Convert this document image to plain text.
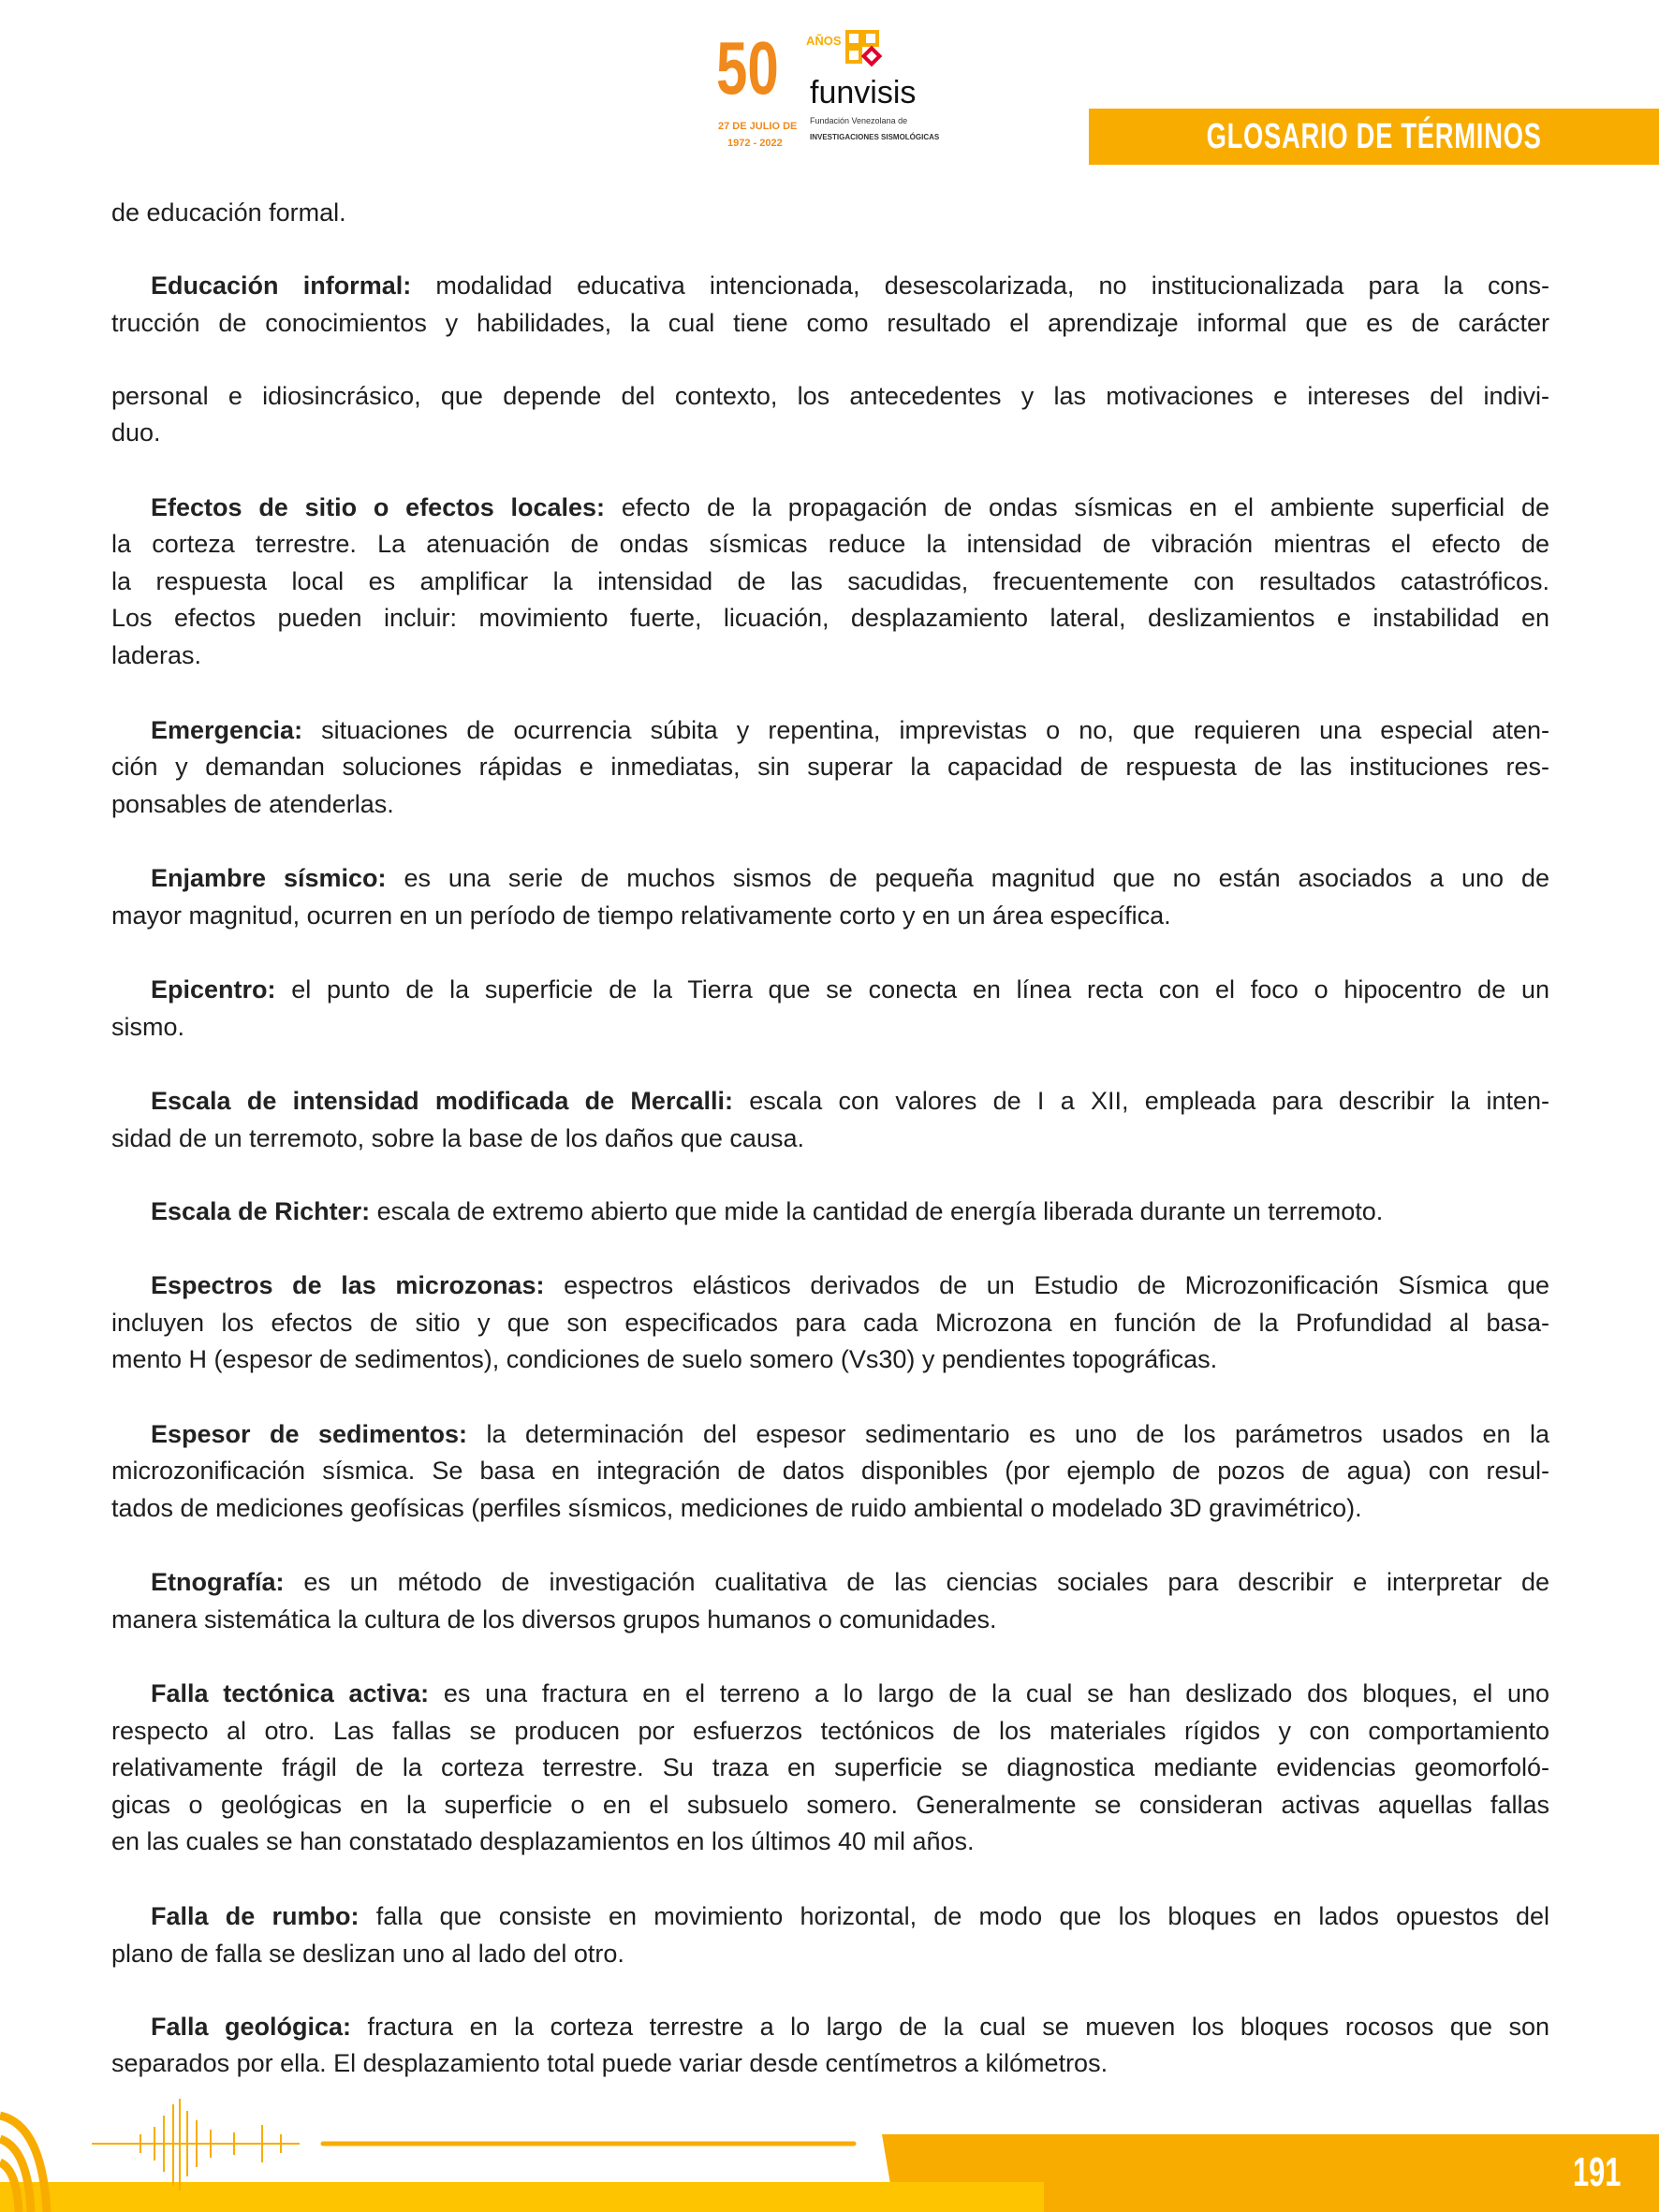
50
27 DE JULIO DE
1972 - 2022
AÑOS
funvisis
Fundación Venezolana de
INVESTIGACIONES SISMOLÓGICAS	GLOSARIO DE TÉRMINOS
de educación formal.
Educación informal: modalidad educativa intencionada, desescolarizada, no institucionalizada para la cons-
trucción de conocimientos y habilidades, la cual tiene como resultado el aprendizaje informal que es de carácter
personal e idiosincrásico, que depende del contexto, los antecedentes y las motivaciones e intereses del indivi-
duo.
Efectos de sitio o efectos locales: efecto de la propagación de ondas sísmicas en el ambiente superficial de
la corteza terrestre. La atenuación de ondas sísmicas reduce la intensidad de vibración mientras el efecto de
la respuesta local es amplificar la intensidad de las sacudidas, frecuentemente con resultados catastróficos.
Los efectos pueden incluir: movimiento fuerte, licuación, desplazamiento lateral, deslizamientos e instabilidad en
laderas.
Emergencia: situaciones de ocurrencia súbita y repentina, imprevistas o no, que requieren una especial aten-
ción y demandan soluciones rápidas e inmediatas, sin superar la capacidad de respuesta de las instituciones res-
ponsables de atenderlas.
Enjambre sísmico: es una serie de muchos sismos de pequeña magnitud que no están asociados a uno de
mayor magnitud, ocurren en un período de tiempo relativamente corto y en un área específica.
Epicentro: el punto de la superficie de la Tierra que se conecta en línea recta con el foco o hipocentro de un
sismo.
Escala de intensidad modificada de Mercalli: escala con valores de I a XII, empleada para describir la inten-
sidad de un terremoto, sobre la base de los daños que causa.
Escala de Richter: escala de extremo abierto que mide la cantidad de energía liberada durante un terremoto.
Espectros de las microzonas: espectros elásticos derivados de un Estudio de Microzonificación Sísmica que
incluyen los efectos de sitio y que son especificados para cada Microzona en función de la Profundidad al basa-
mento H (espesor de sedimentos), condiciones de suelo somero (Vs30) y pendientes topográficas.
Espesor de sedimentos: la determinación del espesor sedimentario es uno de los parámetros usados en la
microzonificación sísmica. Se basa en integración de datos disponibles (por ejemplo de pozos de agua) con resul-
tados de mediciones geofísicas (perfiles sísmicos, mediciones de ruido ambiental o modelado 3D gravimétrico).
Etnografía: es un método de investigación cualitativa de las ciencias sociales para describir e interpretar de
manera sistemática la cultura de los diversos grupos humanos o comunidades.
Falla tectónica activa: es una fractura en el terreno a lo largo de la cual se han deslizado dos bloques, el uno
respecto al otro. Las fallas se producen por esfuerzos tectónicos de los materiales rígidos y con comportamiento
relativamente frágil de la corteza terrestre. Su traza en superficie se diagnostica mediante evidencias geomorfoló-
gicas o geológicas en la superficie o en el subsuelo somero. Generalmente se consideran activas aquellas fallas
en las cuales se han constatado desplazamientos en los últimos 40 mil años.
Falla de rumbo: falla que consiste en movimiento horizontal, de modo que los bloques en lados opuestos del
plano de falla se deslizan uno al lado del otro.
Falla geológica: fractura en la corteza terrestre a lo largo de la cual se mueven los bloques rocosos que son
separados por ella. El desplazamiento total puede variar desde centímetros a kilómetros.
191
